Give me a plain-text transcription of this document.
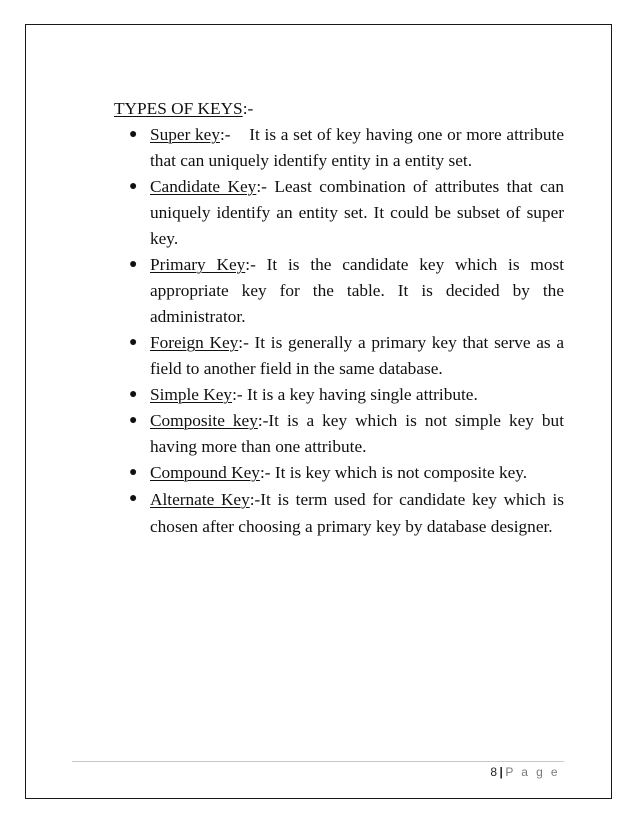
TYPES OF KEYS:-

● Super key:-    It is a set of key having one or more attribute that can uniquely identify entity in a entity set.
● Candidate Key:- Least combination of attributes that can uniquely identify an entity set. It could be subset of super key.
● Primary Key:- It is the candidate key which is most appropriate key for the table. It is decided by the administrator.
● Foreign Key:- It is generally a primary key that serve as a field to another field in the same database.
● Simple Key:- It is a key having single attribute.
● Composite key:-It is a key which is not simple key but having more than one attribute.
● Compound Key:- It is key which is not composite key.
● Alternate Key:-It is term used for candidate key which is chosen after choosing a primary key by database designer.
8 | P a g e
